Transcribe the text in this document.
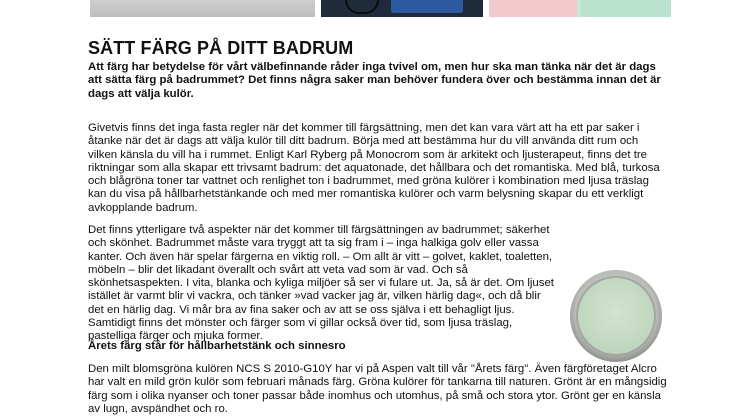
SÄTT FÄRG PÅ DITT BADRUM

Att färg har betydelse för vårt välbefinnande råder inga tvivel om, men hur ska man tänka när det är dags att sätta färg på badrummet? Det finns några saker man behöver fundera över och bestämma innan det är dags att välja kulör.

Givetvis finns det inga fasta regler när det kommer till färgsättning, men det kan vara värt att ha ett par saker i åtanke när det är dags att välja kulör till ditt badrum. Börja med att bestämma hur du vill använda ditt rum och vilken känsla du vill ha i rummet. Enligt Karl Ryberg på Monocrom som är arkitekt och ljusterapeut, finns det tre riktningar som alla skapar ett trivsamt badrum: det aquatonade, det hållbara och det romantiska. Med blå, turkosa och blågröna toner tar vattnet och renlighet ton i badrummet, med gröna kulörer i kombination med ljusa träslag kan du visa på hållbarhetstänkande och med mer romantiska kulörer och varm belysning skapar du ett verkligt avkopplande badrum.

Det finns ytterligare två aspekter när det kommer till färgsättningen av badrummet; säkerhet och skönhet. Badrummet måste vara tryggt att ta sig fram i – inga halkiga golv eller vassa kanter. Och även här spelar färgerna en viktig roll. – Om allt är vitt – golvet, kaklet, toaletten, möbeln – blir det likadant överallt och svårt att veta vad som är vad. Och så skönhetsaspekten. I vita, blanka och kyliga miljöer så ser vi fulare ut. Ja, så är det. Om ljuset istället är varmt blir vi vackra, och tänker »vad vacker jag är, vilken härlig dag«, och då blir det en härlig dag. Vi mår bra av fina saker och av att se oss själva i ett behagligt ljus. Samtidigt finns det mönster och färger som vi gillar också över tid, som ljusa träslag, pastelliga färger och mjuka former.

Årets färg står för hållbarhetstänk och sinnesro

Den milt blomsgröna kulören NCS S 2010-G10Y har vi på Aspen valt till vår "Årets färg". Även färgföretaget Alcro har valt en mild grön kulör som februari månads färg. Gröna kulörer för tankarna till naturen. Grönt är en mångsidig färg som i olika nyanser och toner passar både inomhus och utomhus, på små och stora ytor. Grönt ger en känsla av lugn, avspändhet och ro.
